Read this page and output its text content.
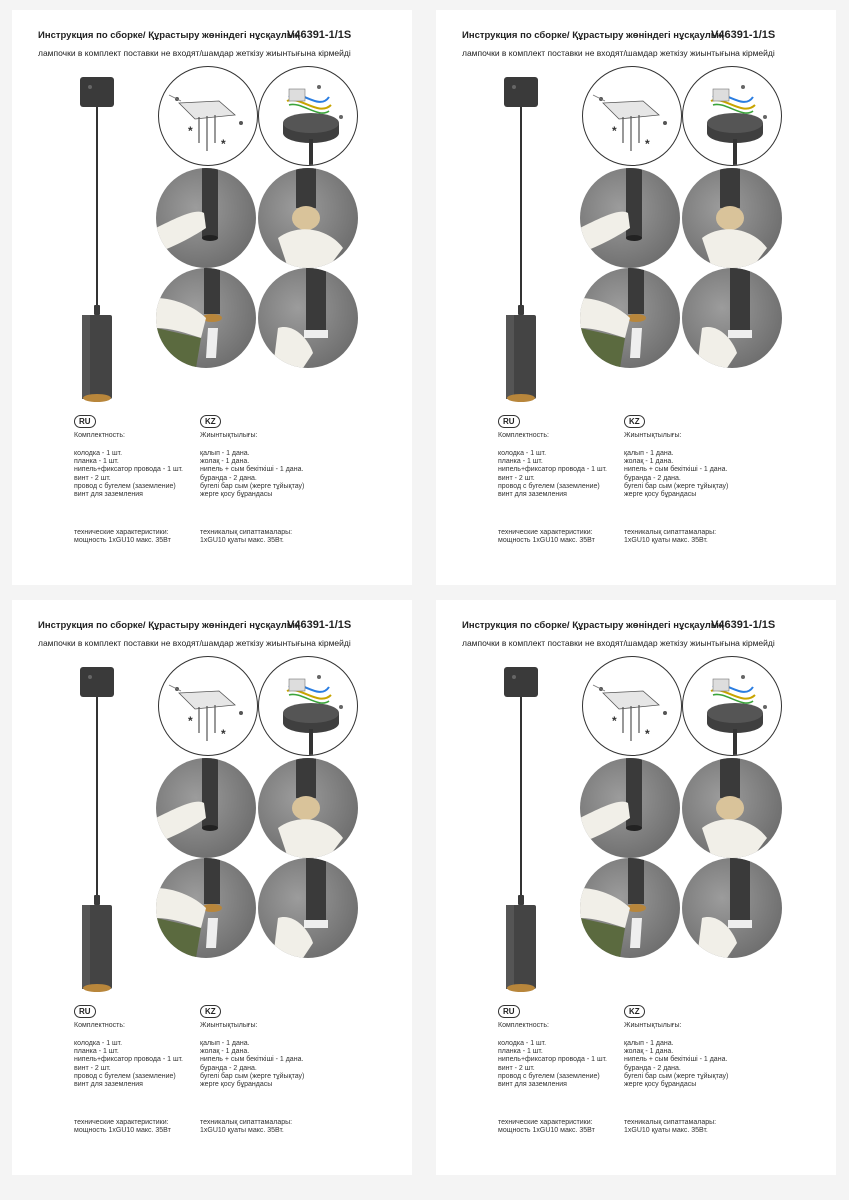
Инструкция по сборке/ Құрастыру жөніндегі нұсқаулық
V46391-1/1S
лампочки в комплект поставки не входят/шамдар жеткізу жиынтығына кірмейді
*
*
RU
Комплектность:
колодка - 1 шт.
планка - 1 шт.
нипель+фиксатор провода - 1 шт.
винт - 2 шт.
провод с бугелем (заземление)
винт для заземления
технические характеристики:
мощность 1xGU10 макс. 35Вт
KZ
Жиынтықтылығы:
қалып - 1 дана.
жолақ - 1 дана.
нипель + сым бекіткіші - 1 дана.
бұранда - 2 дана.
бугелі бар сым (жерге тұйықтау)
жерге қосу бұрандасы
техникалық сипаттамалары:
1xGU10 қуаты макс. 35Вт.
Инструкция по сборке/ Құрастыру жөніндегі нұсқаулық
V46391-1/1S
лампочки в комплект поставки не входят/шамдар жеткізу жиынтығына кірмейді
*
*
RU
Комплектность:
колодка - 1 шт.
планка - 1 шт.
нипель+фиксатор провода - 1 шт.
винт - 2 шт.
провод с бугелем (заземление)
винт для заземления
технические характеристики:
мощность 1xGU10 макс. 35Вт
KZ
Жиынтықтылығы:
қалып - 1 дана.
жолақ - 1 дана.
нипель + сым бекіткіші - 1 дана.
бұранда - 2 дана.
бугелі бар сым (жерге тұйықтау)
жерге қосу бұрандасы
техникалық сипаттамалары:
1xGU10 қуаты макс. 35Вт.
Инструкция по сборке/ Құрастыру жөніндегі нұсқаулық
V46391-1/1S
лампочки в комплект поставки не входят/шамдар жеткізу жиынтығына кірмейді
*
*
RU
Комплектность:
колодка - 1 шт.
планка - 1 шт.
нипель+фиксатор провода - 1 шт.
винт - 2 шт.
провод с бугелем (заземление)
винт для заземления
технические характеристики:
мощность 1xGU10 макс. 35Вт
KZ
Жиынтықтылығы:
қалып - 1 дана.
жолақ - 1 дана.
нипель + сым бекіткіші - 1 дана.
бұранда - 2 дана.
бугелі бар сым (жерге тұйықтау)
жерге қосу бұрандасы
техникалық сипаттамалары:
1xGU10 қуаты макс. 35Вт.
Инструкция по сборке/ Құрастыру жөніндегі нұсқаулық
V46391-1/1S
лампочки в комплект поставки не входят/шамдар жеткізу жиынтығына кірмейді
*
*
RU
Комплектность:
колодка - 1 шт.
планка - 1 шт.
нипель+фиксатор провода - 1 шт.
винт - 2 шт.
провод с бугелем (заземление)
винт для заземления
технические характеристики:
мощность 1xGU10 макс. 35Вт
KZ
Жиынтықтылығы:
қалып - 1 дана.
жолақ - 1 дана.
нипель + сым бекіткіші - 1 дана.
бұранда - 2 дана.
бугелі бар сым (жерге тұйықтау)
жерге қосу бұрандасы
техникалық сипаттамалары:
1xGU10 қуаты макс. 35Вт.
